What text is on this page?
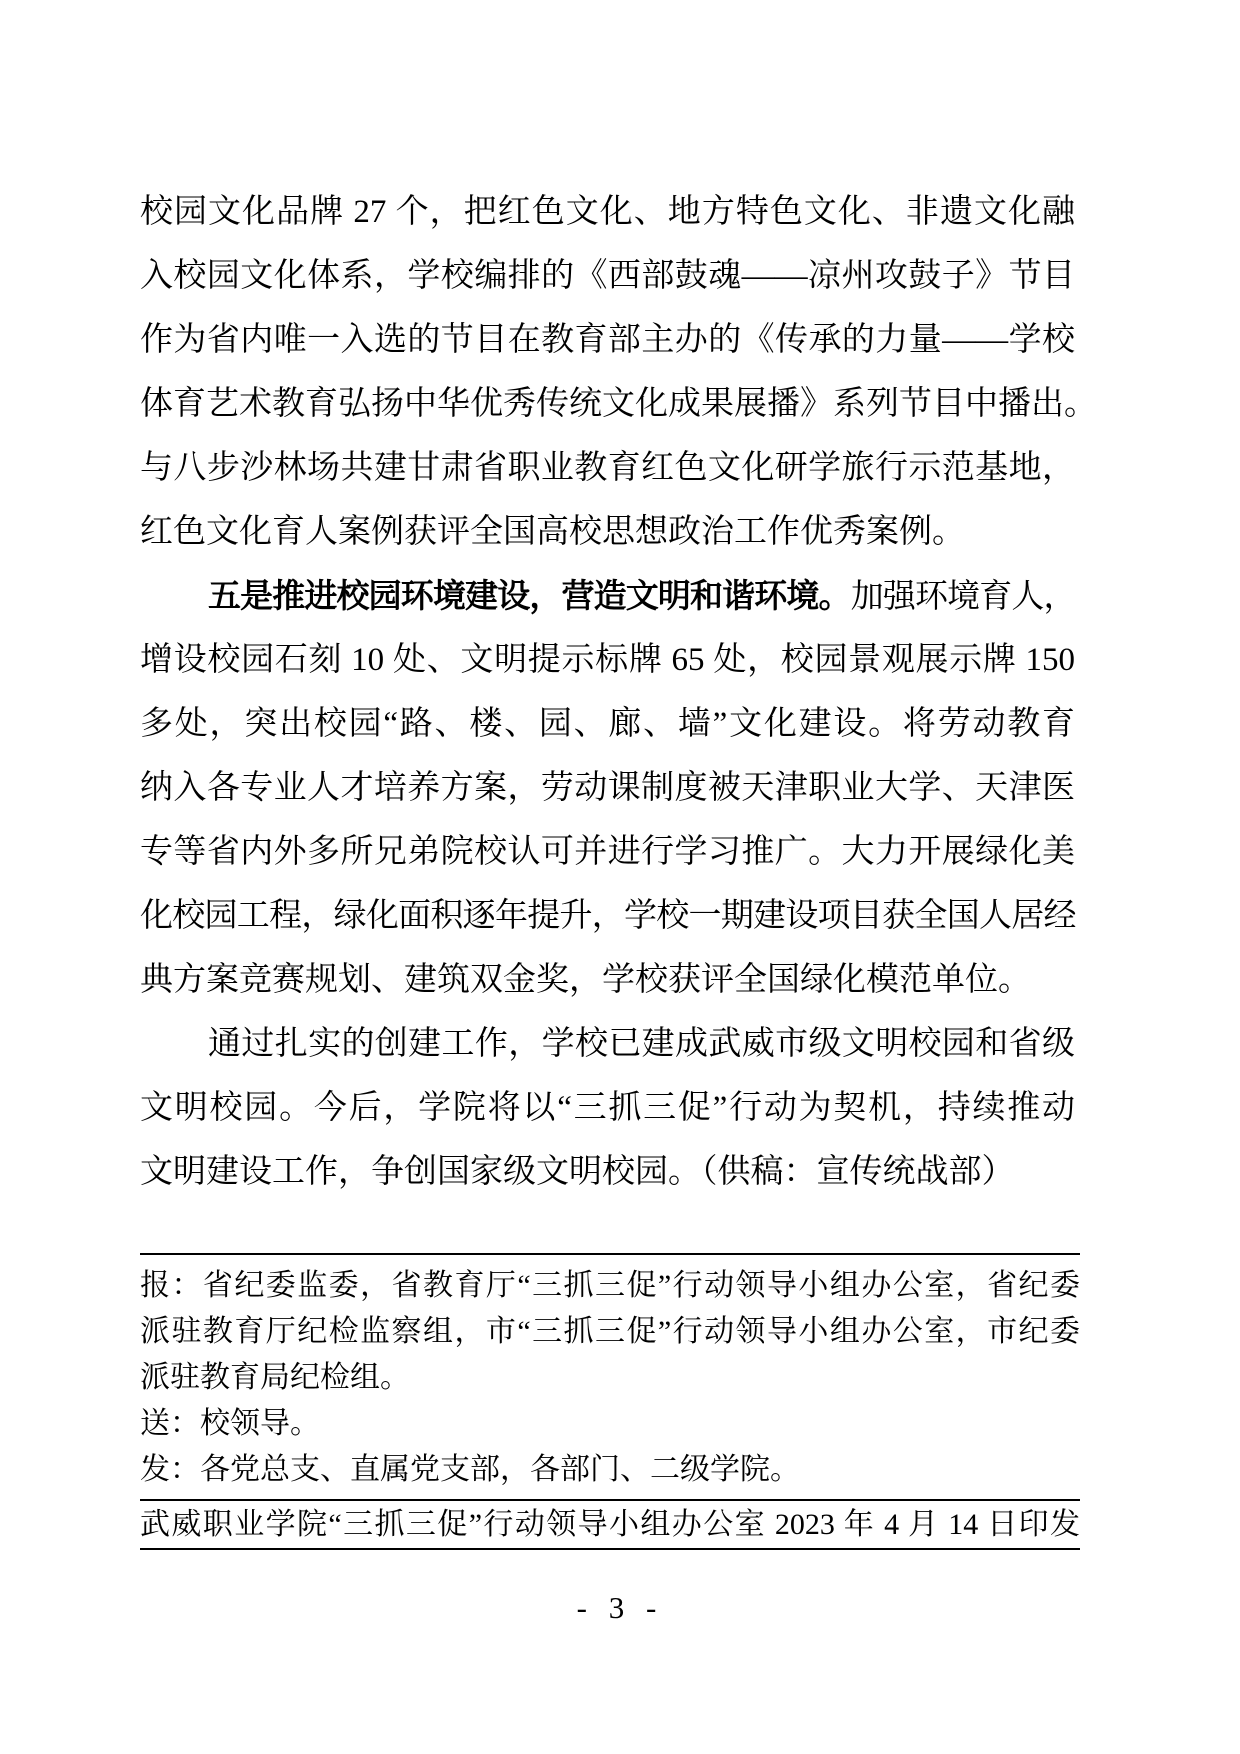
校园文化品牌 27 个，把红色文化、地方特色文化、非遗文化融
入校园文化体系，学校编排的《西部鼓魂——凉州攻鼓子》节目
作为省内唯一入选的节目在教育部主办的《传承的力量——学校
体育艺术教育弘扬中华优秀传统文化成果展播》系列节目中播出。
与八步沙林场共建甘肃省职业教育红色文化研学旅行示范基地，
红色文化育人案例获评全国高校思想政治工作优秀案例。
五是推进校园环境建设，营造文明和谐环境。加强环境育人，
增设校园石刻 10 处、文明提示标牌 65 处，校园景观展示牌 150
多处，突出校园“路、楼、园、廊、墙”文化建设。将劳动教育
纳入各专业人才培养方案，劳动课制度被天津职业大学、天津医
专等省内外多所兄弟院校认可并进行学习推广。大力开展绿化美
化校园工程，绿化面积逐年提升，学校一期建设项目获全国人居经
典方案竞赛规划、建筑双金奖，学校获评全国绿化模范单位。
通过扎实的创建工作，学校已建成武威市级文明校园和省级
文明校园。今后，学院将以“三抓三促”行动为契机，持续推动
文明建设工作，争创国家级文明校园。（供稿：宣传统战部）
报：省纪委监委，省教育厅“三抓三促”行动领导小组办公室，省纪委
派驻教育厅纪检监察组，市“三抓三促”行动领导小组办公室，市纪委
派驻教育局纪检组。
送：校领导。
发：各党总支、直属党支部，各部门、二级学院。
武威职业学院“三抓三促”行动领导小组办公室 2023 年 4 月 14 日印发
- 3 -
